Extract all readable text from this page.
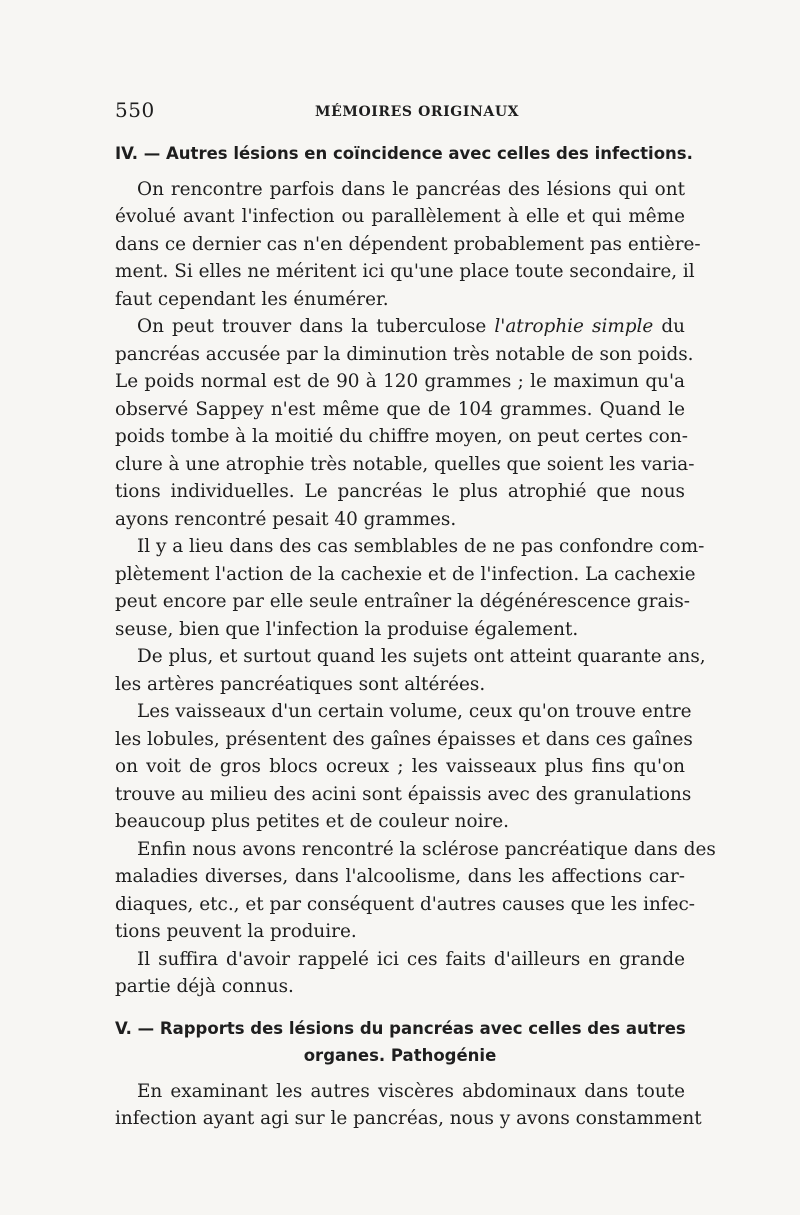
550	MÉMOIRES ORIGINAUX
IV. — Autres lésions en coïncidence avec celles des infections.
On rencontre parfois dans le pancréas des lésions qui ont
évolué avant l'infection ou parallèlement à elle et qui même
dans ce dernier cas n'en dépendent probablement pas entière-
ment. Si elles ne méritent ici qu'une place toute secondaire, il
faut cependant les énumérer.
On peut trouver dans la tuberculose l'atrophie simple du
pancréas accusée par la diminution très notable de son poids.
Le poids normal est de 90 à 120 grammes ; le maximun qu'a
observé Sappey n'est même que de 104 grammes. Quand le
poids tombe à la moitié du chiffre moyen, on peut certes con-
clure à une atrophie très notable, quelles que soient les varia-
tions individuelles. Le pancréas le plus atrophié que nous
ayons rencontré pesait 40 grammes.
Il y a lieu dans des cas semblables de ne pas confondre com-
plètement l'action de la cachexie et de l'infection. La cachexie
peut encore par elle seule entraîner la dégénérescence grais-
seuse, bien que l'infection la produise également.
De plus, et surtout quand les sujets ont atteint quarante ans,
les artères pancréatiques sont altérées.
Les vaisseaux d'un certain volume, ceux qu'on trouve entre
les lobules, présentent des gaînes épaisses et dans ces gaînes
on voit de gros blocs ocreux ; les vaisseaux plus fins qu'on
trouve au milieu des acini sont épaissis avec des granulations
beaucoup plus petites et de couleur noire.
Enfin nous avons rencontré la sclérose pancréatique dans des
maladies diverses, dans l'alcoolisme, dans les affections car-
diaques, etc., et par conséquent d'autres causes que les infec-
tions peuvent la produire.
Il suffira d'avoir rappelé ici ces faits d'ailleurs en grande
partie déjà connus.
V. — Rapports des lésions du pancréas avec celles des autres
organes. Pathogénie
En examinant les autres viscères abdominaux dans toute
infection ayant agi sur le pancréas, nous y avons constamment
